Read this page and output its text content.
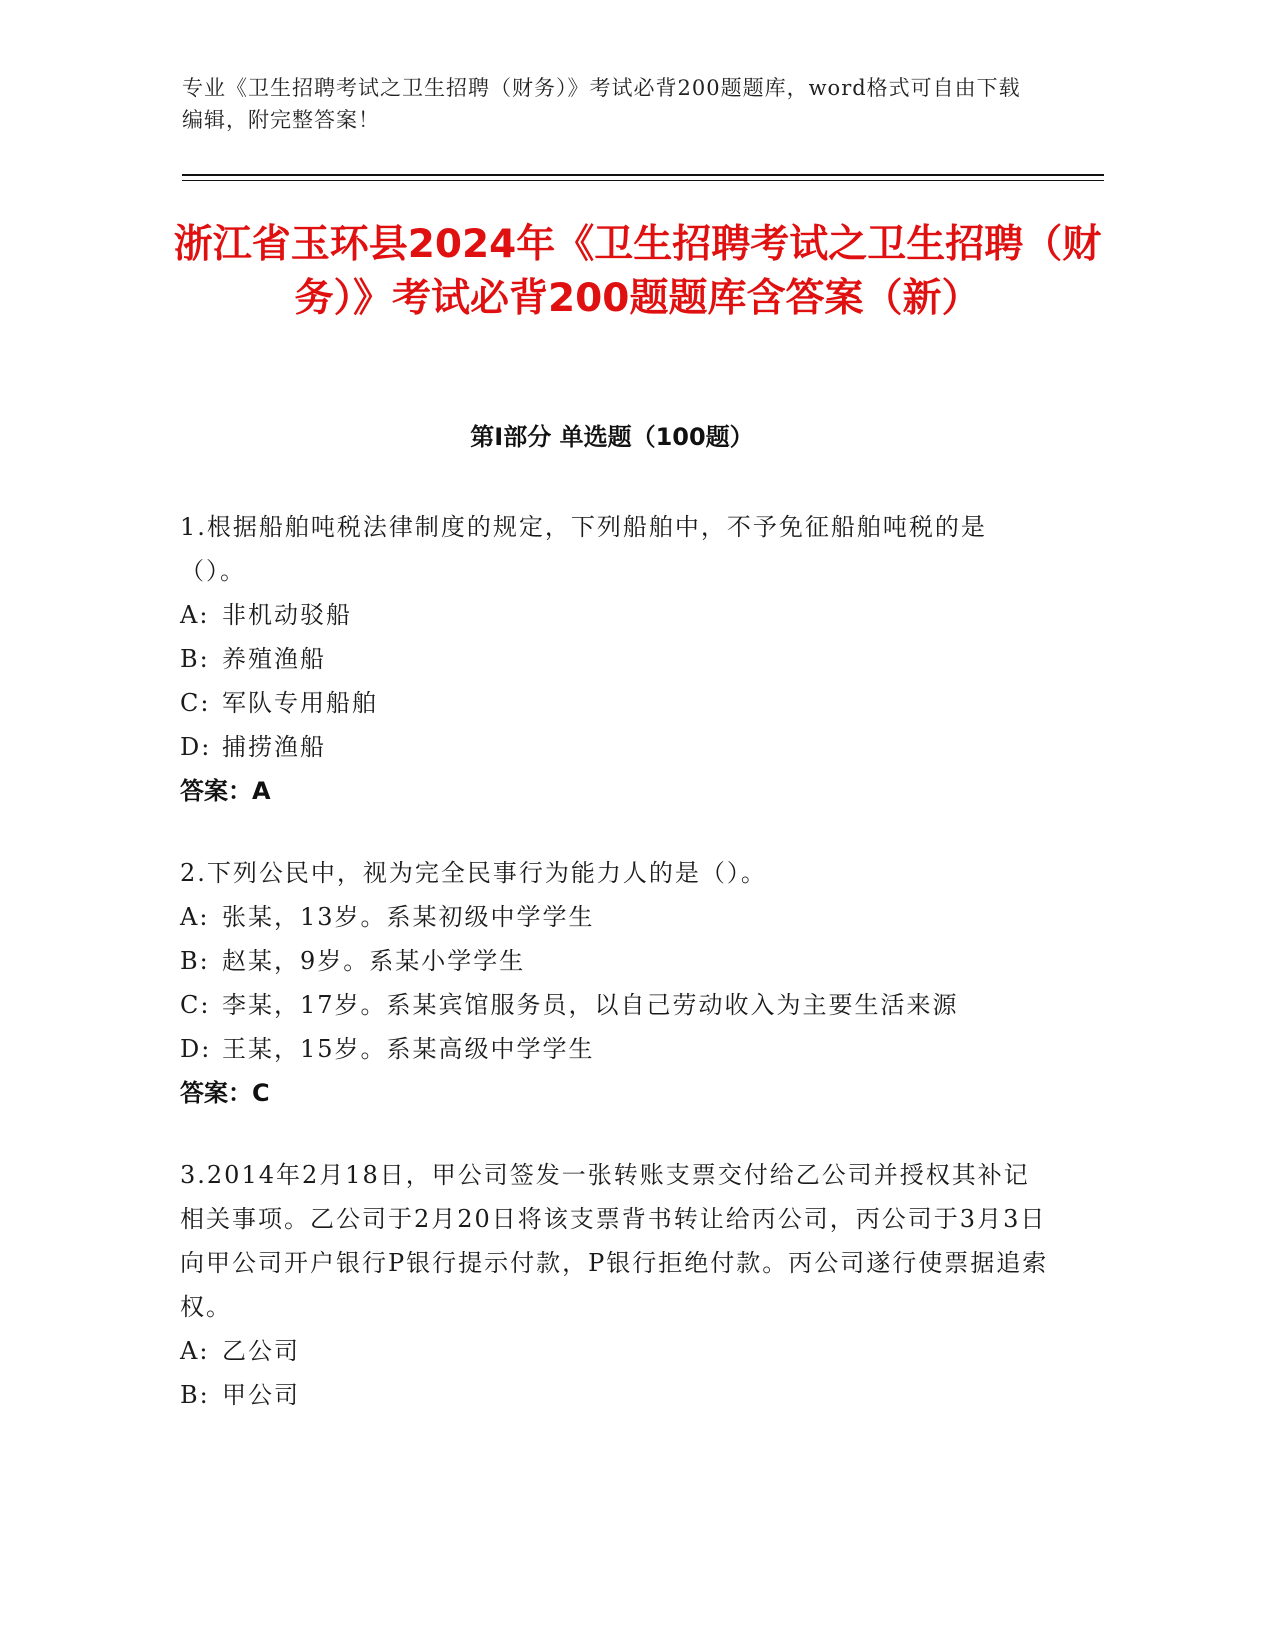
专业《卫生招聘考试之卫生招聘（财务）》考试必背200题题库，word格式可自由下载编辑，附完整答案！
浙江省玉环县2024年《卫生招聘考试之卫生招聘（财务）》考试必背200题题库含答案（新）
第Ⅰ部分 单选题（100题）
1.根据船舶吨税法律制度的规定，下列船舶中，不予免征船舶吨税的是（）。
A: 非机动驳船
B: 养殖渔船
C: 军队专用船舶
D: 捕捞渔船
答案：A
2.下列公民中，视为完全民事行为能力人的是（）。
A: 张某，13岁。系某初级中学学生
B: 赵某，9岁。系某小学学生
C: 李某，17岁。系某宾馆服务员，以自己劳动收入为主要生活来源
D: 王某，15岁。系某高级中学学生
答案：C
3.2014年2月18日，甲公司签发一张转账支票交付给乙公司并授权其补记相关事项。乙公司于2月20日将该支票背书转让给丙公司，丙公司于3月3日向甲公司开户银行P银行提示付款，P银行拒绝付款。丙公司遂行使票据追索权。
A: 乙公司
B: 甲公司
